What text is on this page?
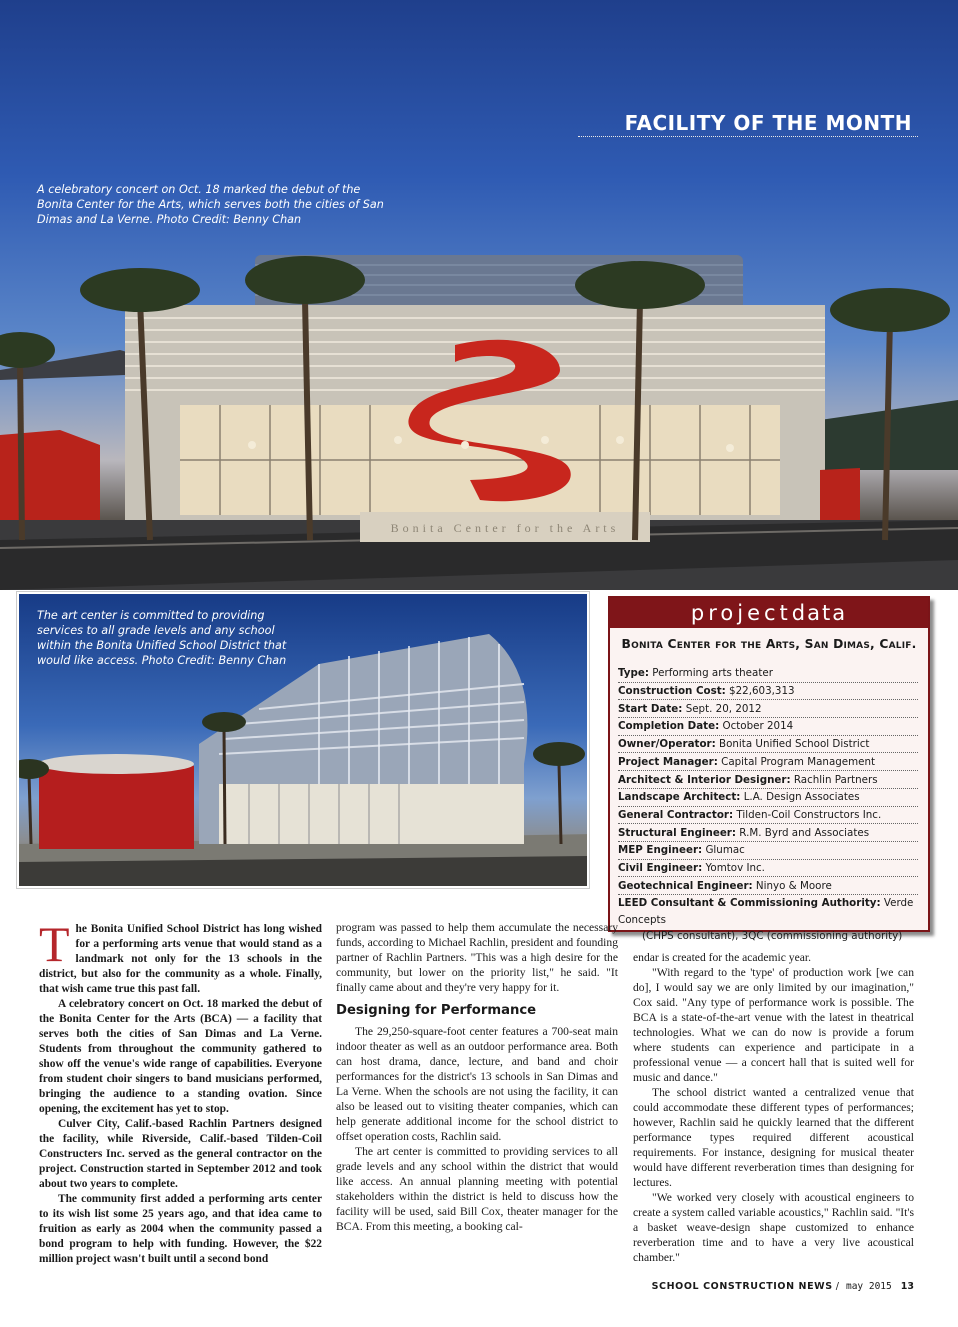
Bonita Center for the Arts
FACILITY OF THE MONTH
A celebratory concert on Oct. 18 marked the debut of the Bonita Center for the Arts, which serves both the cities of San Dimas and La Verne. Photo Credit: Benny Chan
The art center is committed to providing services to all grade levels and any school within the Bonita Unified School District that would like access. Photo Credit: Benny Chan
projectdata
Bonita Center for the Arts, San Dimas, Calif.
Type: Performing arts theater
Construction Cost: $22,603,313
Start Date: Sept. 20, 2012
Completion Date: October 2014
Owner/Operator: Bonita Unified School District
Project Manager: Capital Program Management
Architect & Interior Designer: Rachlin Partners
Landscape Architect: L.A. Design Associates
General Contractor: Tilden-Coil Constructors Inc.
Structural Engineer: R.M. Byrd and Associates
MEP Engineer: Glumac
Civil Engineer: Yomtov Inc.
Geotechnical Engineer: Ninyo & Moore
LEED Consultant & Commissioning Authority: Verde Concepts
(CHPS consultant), 3QC (commissioning authority)

The Bonita Unified School District has long wished for a performing arts venue that would stand as a landmark not only for the 13 schools in the district, but also for the community as a whole. Finally, that wish came true this past fall.

A celebratory concert on Oct. 18 marked the debut of the Bonita Center for the Arts (BCA) — a facility that serves both the cities of San Dimas and La Verne. Students from throughout the community gathered to show off the venue's wide range of capabilities. Everyone from student choir singers to band musicians performed, bringing the audience to a standing ovation. Since opening, the excitement has yet to stop.

Culver City, Calif.-based Rachlin Partners designed the facility, while Riverside, Calif.-based Tilden-Coil Constructers Inc. served as the general contractor on the project. Construction started in September 2012 and took about two years to complete.

The community first added a performing arts center to its wish list some 25 years ago, and that idea came to fruition as early as 2004 when the community passed a bond program to help with funding. However, the $22 million project wasn't built until a second bond

program was passed to help them accumulate the necessary funds, according to Michael Rachlin, president and founding partner of Rachlin Partners. "This was a high desire for the community, but lower on the priority list," he said. "It finally came about and they're very happy for it.

Designing for Performance

The 29,250-square-foot center features a 700-seat main indoor theater as well as an outdoor performance area. Both can host drama, dance, lecture, and band and choir performances for the district's 13 schools in San Dimas and La Verne. When the schools are not using the facility, it can also be leased out to visiting theater companies, which can help generate additional income for the school district to offset operation costs, Rachlin said.

The art center is committed to providing services to all grade levels and any school within the district that would like access. An annual planning meeting with potential stakeholders within the district is held to discuss how the facility will be used, said Bill Cox, theater manager for the BCA. From this meeting, a booking cal-

endar is created for the academic year.

"With regard to the 'type' of production work [we can do], I would say we are only limited by our imagination," Cox said. "Any type of performance work is possible. The BCA is a state-of-the-art venue with the latest in theatrical technologies. What we can do now is provide a forum where students can experience and participate in a professional venue — a concert hall that is suited well for music and dance."

The school district wanted a centralized venue that could accommodate these different types of performances; however, Rachlin said he quickly learned that the different performance types required different acoustical requirements. For instance, designing for musical theater would have different reverberation times than designing for lectures.

"We worked very closely with acoustical engineers to create a system called variable acoustics," Rachlin said. "It's a basket weave-design shape customized to enhance reverberation time and to have a very live acoustical chamber."

SCHOOL CONSTRUCTION NEWS / may 2015 13
